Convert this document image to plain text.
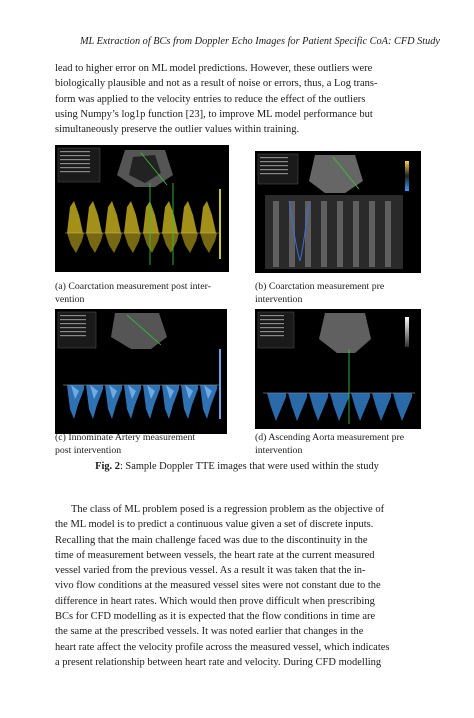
ML Extraction of BCs from Doppler Echo Images for Patient Specific CoA: CFD Study
lead to higher error on ML model predictions. However, these outliers were
biologically plausible and not as a result of noise or errors, thus, a Log trans-
form was applied to the velocity entries to reduce the effect of the outliers
using Numpy’s log1p function [23], to improve ML model performance but
simultaneously preserve the outlier values within training.
(a) Coarctation measurement post inter-
vention
(b) Coarctation measurement pre
intervention
(c) Innominate Artery measurement
post intervention
(d) Ascending Aorta measurement pre
intervention
Fig. 2: Sample Doppler TTE images that were used within the study
The class of ML problem posed is a regression problem as the objective of
the ML model is to predict a continuous value given a set of discrete inputs.
Recalling that the main challenge faced was due to the discontinuity in the
time of measurement between vessels, the heart rate at the current measured
vessel varied from the previous vessel. As a result it was taken that the in-
vivo flow conditions at the measured vessel sites were not constant due to the
difference in heart rates. Which would then prove difficult when prescribing
BCs for CFD modelling as it is expected that the flow conditions in time are
the same at the prescribed vessels. It was noted earlier that changes in the
heart rate affect the velocity profile across the measured vessel, which indicates
a present relationship between heart rate and velocity. During CFD modelling
